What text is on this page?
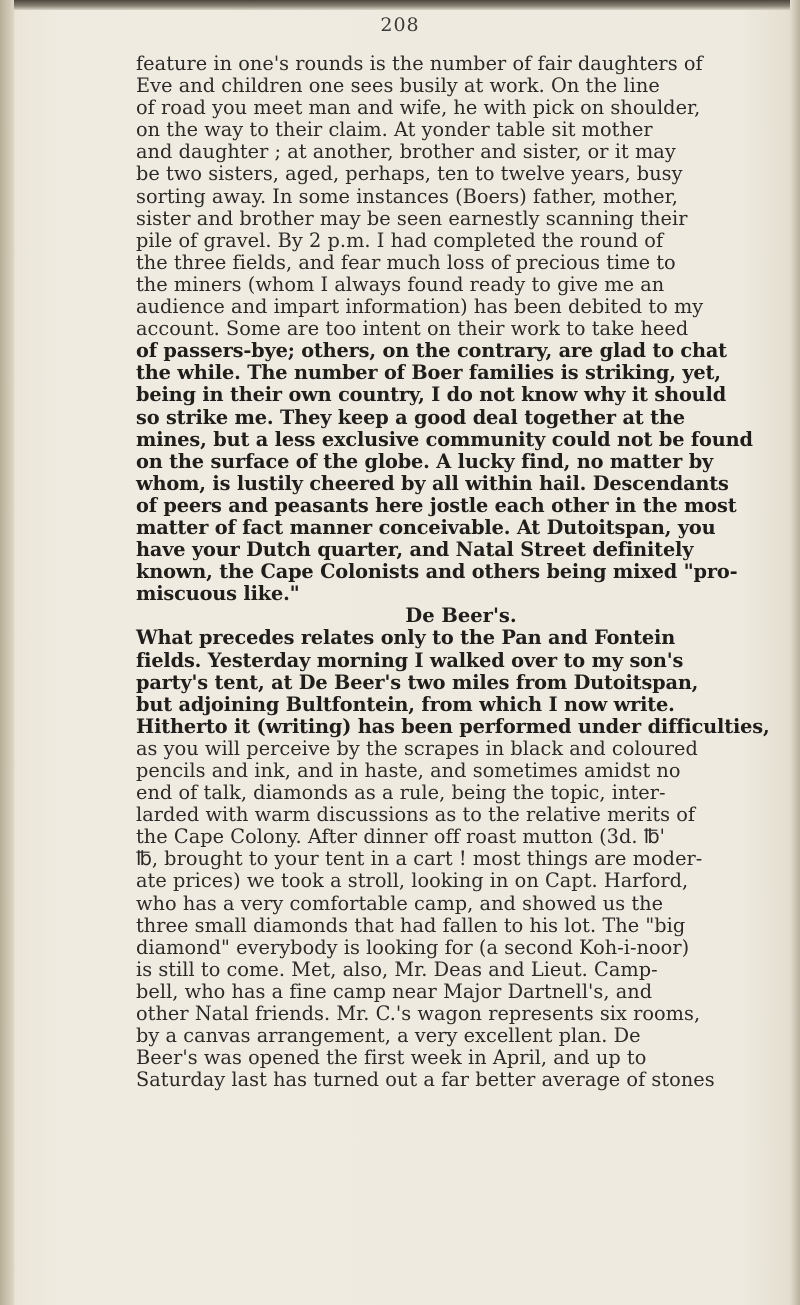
208
feature in one's rounds is the number of fair daughters of
Eve and children one sees busily at work. On the line
of road you meet man and wife, he with pick on shoulder,
on the way to their claim. At yonder table sit mother
and daughter ; at another, brother and sister, or it may
be two sisters, aged, perhaps, ten to twelve years, busy
sorting away. In some instances (Boers) father, mother,
sister and brother may be seen earnestly scanning their
pile of gravel. By 2 p.m. I had completed the round of
the three fields, and fear much loss of precious time to
the miners (whom I always found ready to give me an
audience and impart information) has been debited to my
account. Some are too intent on their work to take heed
of passers-bye; others, on the contrary, are glad to chat
the while. The number of Boer families is striking, yet,
being in their own country, I do not know why it should
so strike me. They keep a good deal together at the
mines, but a less exclusive community could not be found
on the surface of the globe. A lucky find, no matter by
whom, is lustily cheered by all within hail. Descendants
of peers and peasants here jostle each other in the most
matter of fact manner conceivable. At Dutoitspan, you
have your Dutch quarter, and Natal Street definitely
known, the Cape Colonists and others being mixed "pro-
miscuous like."
De Beer's.
What precedes relates only to the Pan and Fontein
fields. Yesterday morning I walked over to my son's
party's tent, at De Beer's two miles from Dutoitspan,
but adjoining Bultfontein, from which I now write.
Hitherto it (writing) has been performed under difficulties,
as you will perceive by the scrapes in black and coloured
pencils and ink, and in haste, and sometimes amidst no
end of talk, diamonds as a rule, being the topic, inter-
larded with warm discussions as to the relative merits of
the Cape Colony. After dinner off roast mutton (3d. ℔'
℔, brought to your tent in a cart ! most things are moder-
ate prices) we took a stroll, looking in on Capt. Harford,
who has a very comfortable camp, and showed us the
three small diamonds that had fallen to his lot. The "big
diamond" everybody is looking for (a second Koh-i-noor)
is still to come. Met, also, Mr. Deas and Lieut. Camp-
bell, who has a fine camp near Major Dartnell's, and
other Natal friends. Mr. C.'s wagon represents six rooms,
by a canvas arrangement, a very excellent plan. De
Beer's was opened the first week in April, and up to
Saturday last has turned out a far better average of stones
